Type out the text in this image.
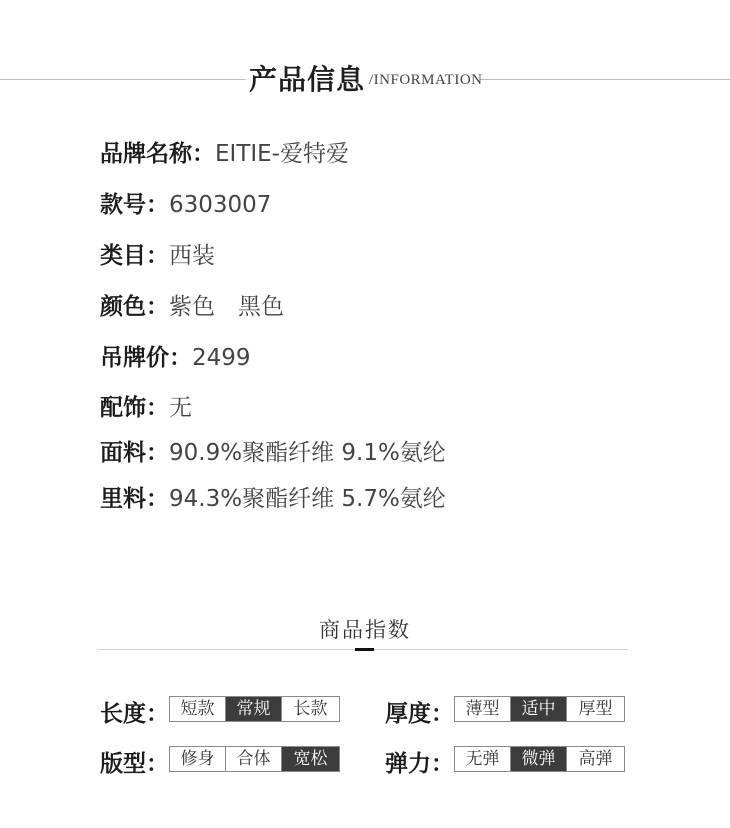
产品信息 /INFORMATION
品牌名称：EITIE-爱特爱
款号：6303007
类目：西装
颜色：紫色　黑色
吊牌价：2499
配饰：无
面料：90.9%聚酯纤维 9.1%氨纶
里料：94.3%聚酯纤维 5.7%氨纶
商品指数
长度： 短款	常规	长款	厚度： 薄型	适中	厚型
版型： 修身	合体	宽松	弹力： 无弹	微弹	高弹
